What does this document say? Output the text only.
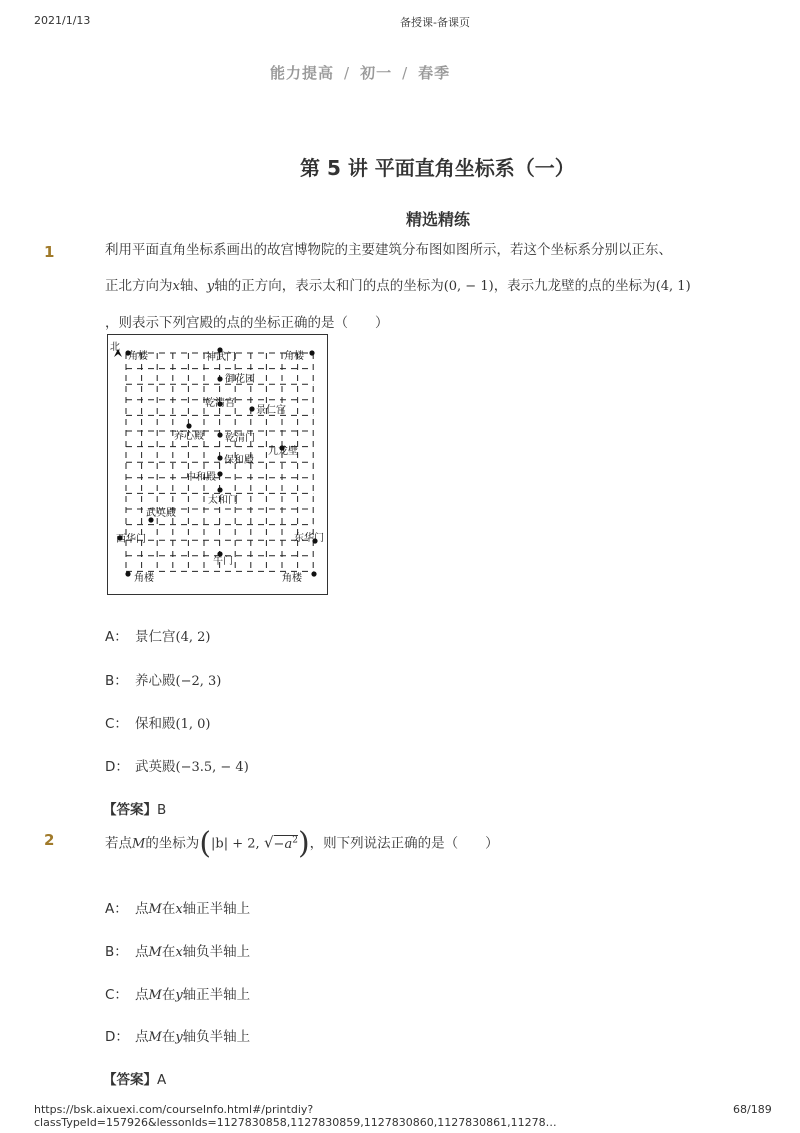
2021/1/13	备授课-备课页
能力提高 / 初一 / 春季
第 5 讲 平面直角坐标系（一）
精选精练
1	利用平面直角坐标系画出的故宫博物院的主要建筑分布图如图所示，若这个坐标系分别以正东、
正北方向为x轴、y轴的正方向，表示太和门的点的坐标为(0, − 1)，表示九龙壁的点的坐标为(4, 1)
，则表示下列宫殿的点的坐标正确的是（　　）
北
角楼	神武门	角楼
御花园
乾清宫
景仁宫
养心殿 乾清门
九龙壁
保和殿
中和殿
太和门
武英殿
西华门	东华门
午门
角楼	角楼
A： 景仁宫(4, 2)
B： 养心殿(−2, 3)
C： 保和殿(1, 0)
D： 武英殿(−3.5, − 4)
【答案】B
2	若点M的坐标为(|b| + 2, $√-a^2$)，则下列说法正确的是（　　）
A： 点M在x轴正半轴上
B： 点M在x轴负半轴上
C： 点M在y轴正半轴上
D： 点M在y轴负半轴上
【答案】A
https://bsk.aixuexi.com/courseInfo.html#/printdiy?classTypeId=157926&lessonIds=1127830858,1127830859,1127830860,1127830861,11278…
68/189
